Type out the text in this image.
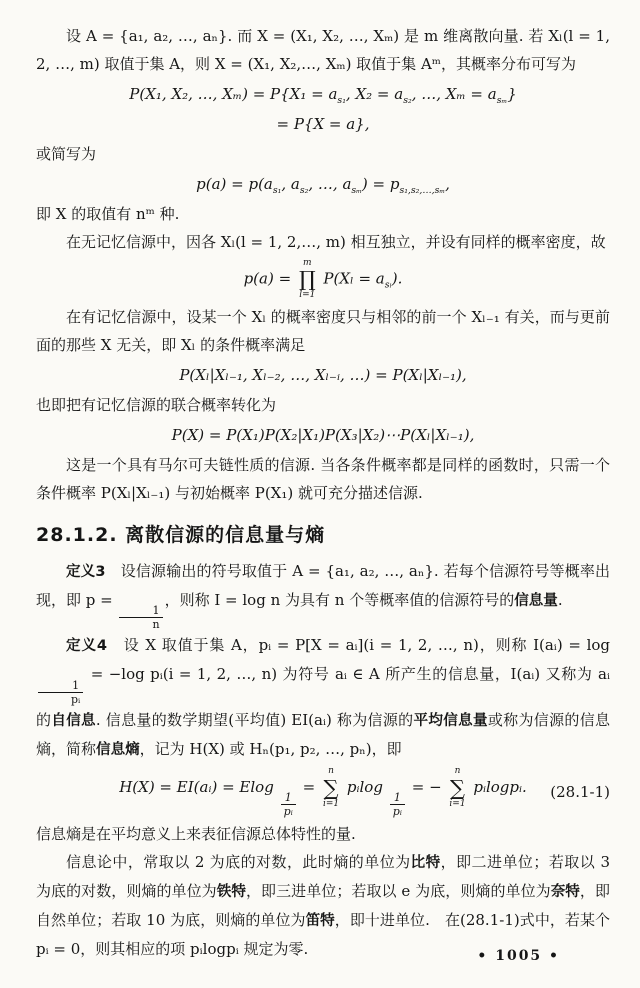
设 A = {a₁, a₂, …, aₙ}. 而 X = (X₁, X₂, …, Xₘ) 是 m 维离散向量. 若 Xₗ(l = 1, 2, …, m) 取值于集 A，则 X = (X₁, X₂,…, Xₘ) 取值于集 Aᵐ，其概率分布可写为

P(X₁, X₂, …, $X_m) = P\{X_1 = a_{s_1}$, $X_2 = a_{s_2}$, …, $X_m = a_{s_m}$}
= P{X = a},

或简写为

$p(a) = p(a_{s_1}$, $a_{s_2}$, …, $a_{s_m}) = p_{s_1,s_2,\dots,s_m}$,

即 X 的取值有 nᵐ 种.

在无记忆信源中，因各 Xₗ(l = 1, 2,…, m) 相互独立，并设有同样的概率密度，故

p(a) =
m
∏
l=1
$P(X_l = a_{s_l})$.

在有记忆信源中，设某一个 Xₗ 的概率密度只与相邻的前一个 Xₗ₋₁ 有关，而与更前面的那些 X 无关，即 Xₗ 的条件概率满足

P(Xₗ|Xₗ₋₁, Xₗ₋₂, …, Xₗ₋ᵢ, …) = P(Xₗ|Xₗ₋₁),

也即把有记忆信源的联合概率转化为

P(X) = P(X₁)P(X₂|X₁)P(X₃|X₂)⋯P(Xₗ|Xₗ₋₁),

这是一个具有马尔可夫链性质的信源. 当各条件概率都是同样的函数时，只需一个条件概率 P(Xₗ|Xₗ₋₁) 与初始概率 P(X₁) 就可充分描述信源.

28.1.2. 离散信源的信息量与熵

定义3　设信源输出的符号取值于 A = {a₁, a₂, …, aₙ}. 若每个信源符号等概率出现，即 p =
$\frac{1}{n}$
，则称 I = log n 为具有 n 个等概率值的信源符号的信息量.

定义4　设 X 取值于集 A，pᵢ = P[X = aᵢ](i = 1, 2, …, n)，则称 I(aᵢ) = log
$\frac{1}{\text{pᵢ}}$
= −log pᵢ(i = 1, 2, …, n) 为符号 aᵢ ∈ A 所产生的信息量，I(aᵢ) 又称为 aᵢ 的自信息. 信息量的数学期望(平均值) EI(aᵢ) 称为信源的平均信息量或称为信源的信息熵，简称信息熵，记为 H(X) 或 Hₙ(p₁, p₂, …, pₙ)，即

H(X) = EI(aᵢ) = Elog
$\frac{1}{\text{pᵢ}}$
=
n
∑
i=1
pᵢlog
$\frac{1}{\text{pᵢ}}$
= −
n
∑
i=1
pᵢlogpᵢ. (28.1-1)

信息熵是在平均意义上来表征信源总体特性的量.

信息论中，常取以 2 为底的对数，此时熵的单位为比特，即二进单位；若取以 3 为底的对数，则熵的单位为铁特，即三进单位；若取以 e 为底，则熵的单位为奈特，即自然单位；若取 10 为底，则熵的单位为笛特，即十进单位.　在(28.1-1)式中，若某个 pᵢ = 0，则其相应的项 pᵢlogpᵢ 规定为零.	• 1005 •
